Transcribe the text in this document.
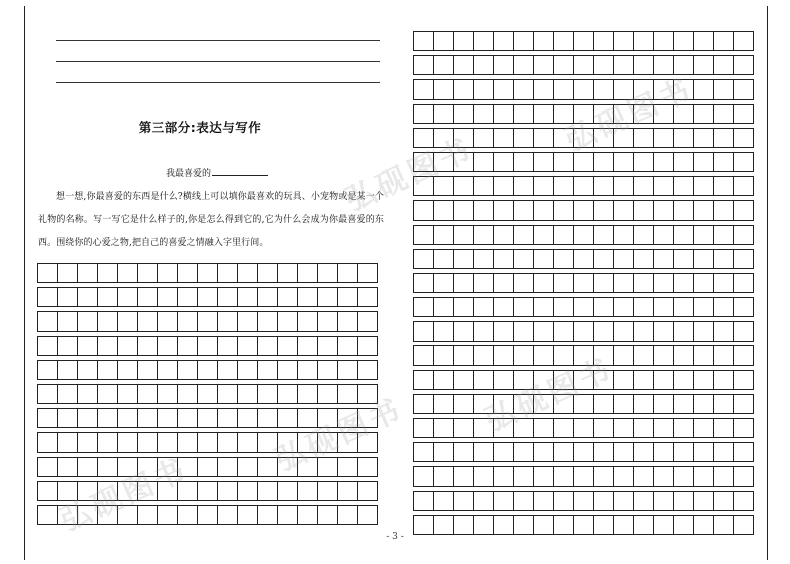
第三部分:表达与写作
我最喜爱的
想一想,你最喜爱的东西是什么?横线上可以填你最喜欢的玩具、小宠物或是某一个礼物的名称。写一写它是什么样子的,你是怎么得到它的,它为什么会成为你最喜爱的东西。围绕你的心爱之物,把自己的喜爱之情融入字里行间。
弘砚图书
弘砚图书
弘砚图书
弘砚图书
弘砚图书	- 3 -
